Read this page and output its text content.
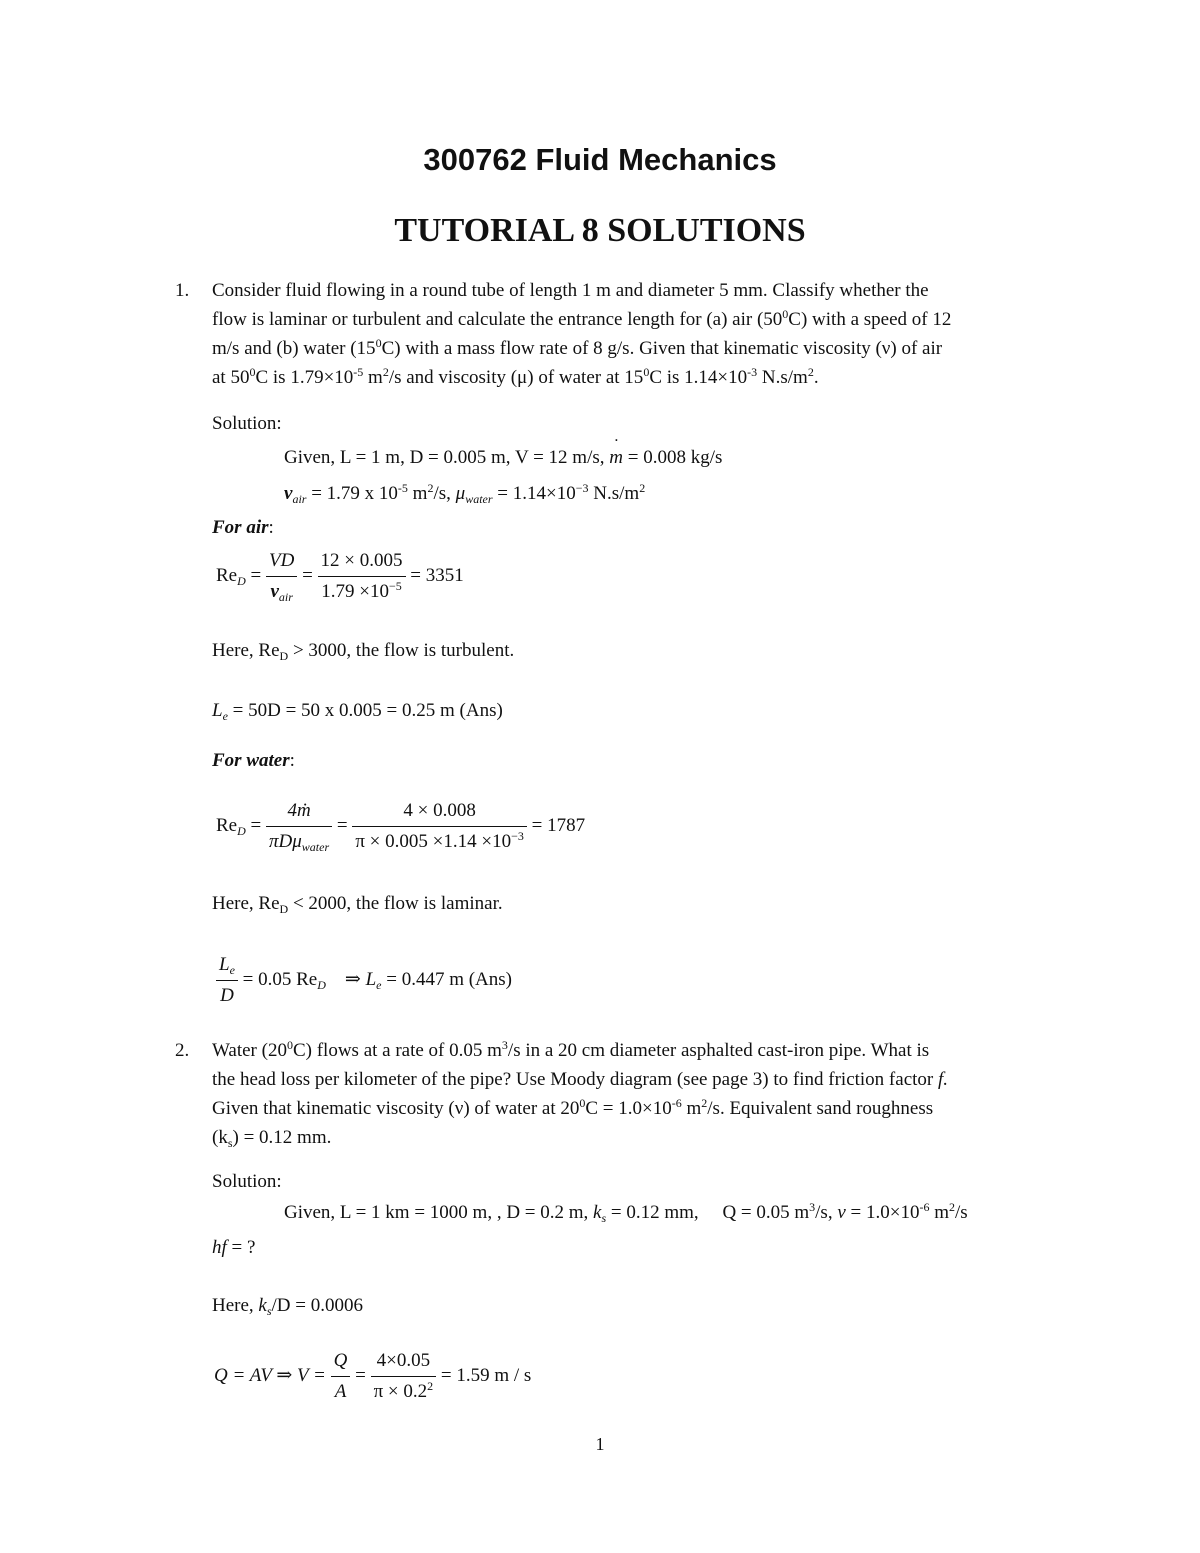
300762 Fluid Mechanics
TUTORIAL 8 SOLUTIONS
1. Consider fluid flowing in a round tube of length 1 m and diameter 5 mm. Classify whether the
flow is laminar or turbulent and calculate the entrance length for (a) air $(50^0C)$ with a speed of 12
m/s and (b) water $(15^0C)$ with a mass flow rate of 8 g/s. Given that kinematic viscosity (ν) of air
at $50^0C$ is $1.79\times 10^{-5}$ $m^2/s$ and viscosity (μ) of water at $15^0C$ is $1.14\times 10^{-3}$ $N.s/m^2$.
Solution:
Given, L = 1 m, D = 0.005 m, V = 12 m/s, ˙ m = 0.008 kg/s
$\nu_{air} = 1.79$ x $10^{-5}$ $m^2/s$, $\mu_{water} = 1.14\times 10^{-3}$ $N.s/m^2$
For air:
$Re_D = \frac{VD}{\nu_{air}} = \frac{12 \times 0.005}{1.79 \times 10^{-5}} = 3351$
Here, $Re_D > 3000$, the flow is turbulent.
$L_e = 50D = 50$ x 0.005 = 0.25 m (Ans)
For water:
$Re_D = \frac{\text{4ṁ}}{\pi D\mu_{water}} = \frac{4 \times 0.008}{\pi \times 0.005 \times 1.14 \times 10^{-3}} = 1787$
Here, $Re_D < 2000$, the flow is laminar.
$\frac{L_e}{D} = 0.05$ $Re_D$ ⇒ $L_e = 0.447$ m (Ans)
2. Water $(20^0C)$ flows at a rate of 0.05 $m^3/s$ in a 20 cm diameter asphalted cast-iron pipe. What is
the head loss per kilometer of the pipe? Use Moody diagram (see page 3) to find friction factor f.
Given that kinematic viscosity (ν) of water at $20^0C = 1.0\times 10^{-6}$ $m^2/s$. Equivalent sand roughness
$(k_s) = 0.12$ mm.
Solution:
Given, L = 1 km = 1000 m, , D = 0.2 m, $k_s = 0.12$ mm, Q = 0.05 $m^3/s$, $\nu = 1.0\times 10^{-6}$ $m^2/s$
hf = ?
Here, $k_s/D = 0.0006$
Q = AV ⇒ $V = \frac{Q}{A} = \frac{4\times 0.05}{\pi \times 0.2^2} = 1.59$ m / s
1
